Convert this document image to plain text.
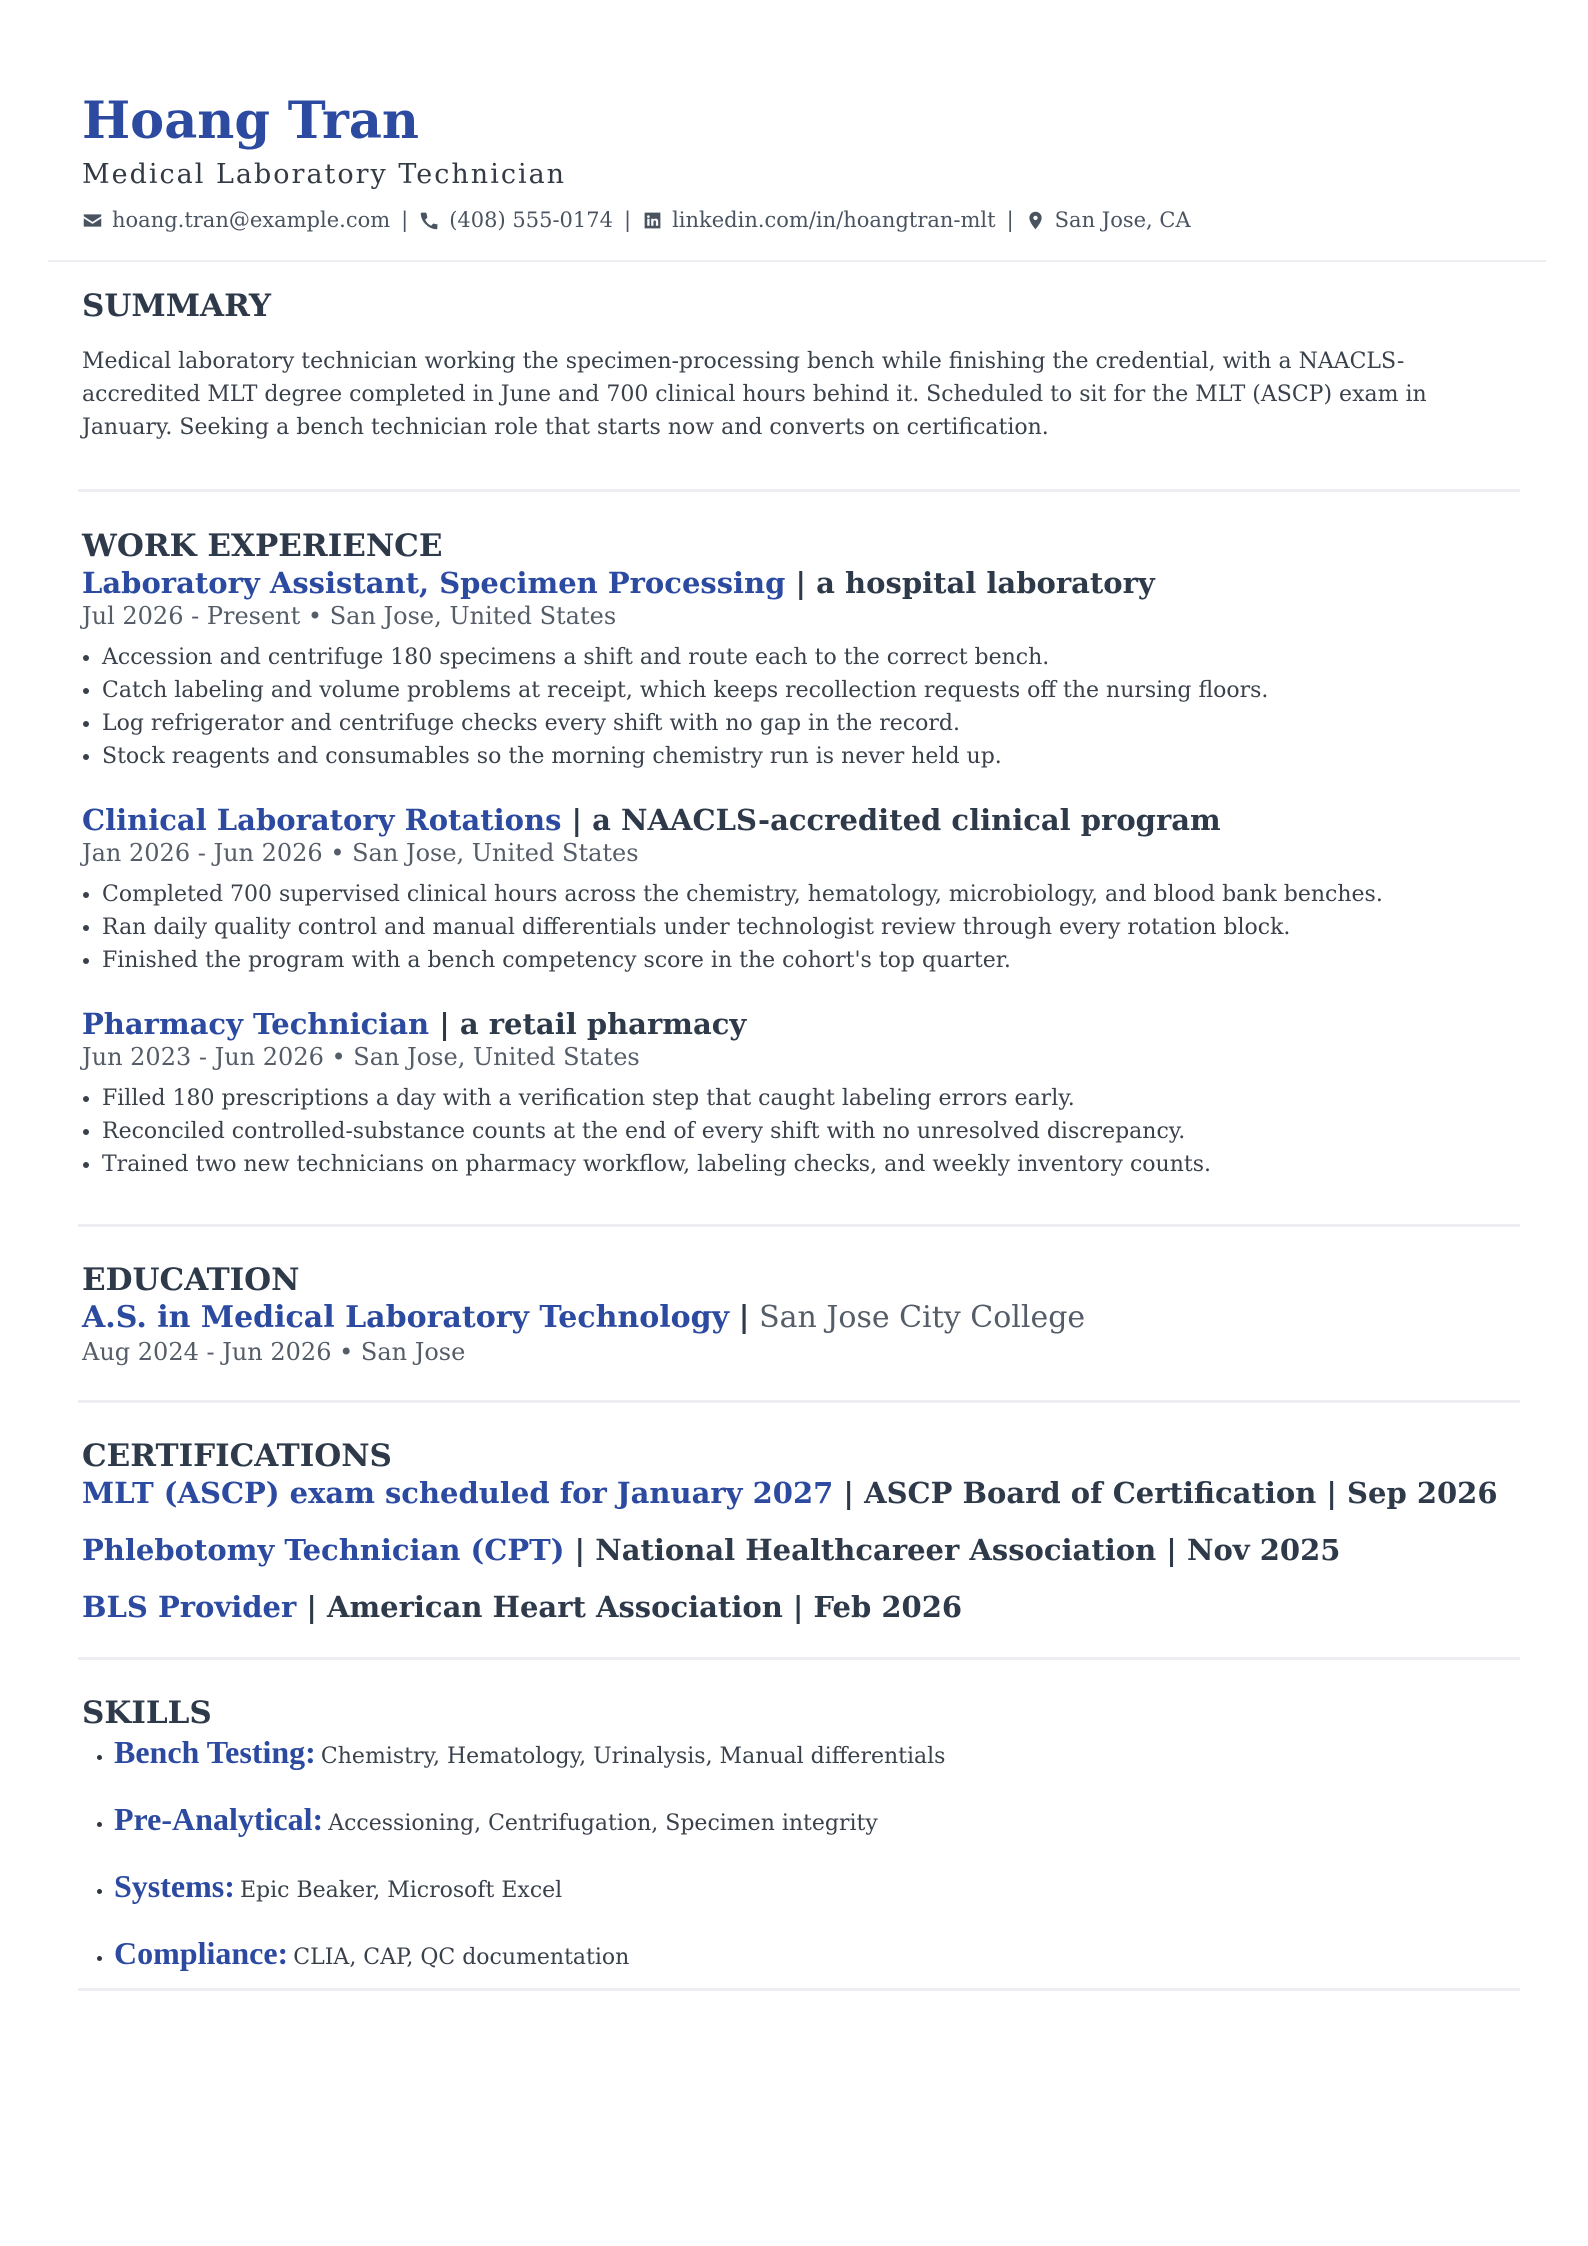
Hoang Tran
Medical Laboratory Technician
hoang.tran@example.com | (408) 555-0174 | linkedin.com/in/hoangtran-mlt | San Jose, CA
SUMMARY
Medical laboratory technician working the specimen-processing bench while finishing the credential, with a NAACLS-accredited MLT degree completed in June and 700 clinical hours behind it. Scheduled to sit for the MLT (ASCP) exam in January. Seeking a bench technician role that starts now and converts on certification.
WORK EXPERIENCE
Laboratory Assistant, Specimen Processing | a hospital laboratory
Jul 2026 - Present • San Jose, United States
• Accession and centrifuge 180 specimens a shift and route each to the correct bench.
• Catch labeling and volume problems at receipt, which keeps recollection requests off the nursing floors.
• Log refrigerator and centrifuge checks every shift with no gap in the record.
• Stock reagents and consumables so the morning chemistry run is never held up.
Clinical Laboratory Rotations | a NAACLS-accredited clinical program
Jan 2026 - Jun 2026 • San Jose, United States
• Completed 700 supervised clinical hours across the chemistry, hematology, microbiology, and blood bank benches.
• Ran daily quality control and manual differentials under technologist review through every rotation block.
• Finished the program with a bench competency score in the cohort's top quarter.
Pharmacy Technician | a retail pharmacy
Jun 2023 - Jun 2026 • San Jose, United States
• Filled 180 prescriptions a day with a verification step that caught labeling errors early.
• Reconciled controlled-substance counts at the end of every shift with no unresolved discrepancy.
• Trained two new technicians on pharmacy workflow, labeling checks, and weekly inventory counts.
EDUCATION
A.S. in Medical Laboratory Technology | San Jose City College
Aug 2024 - Jun 2026 • San Jose
CERTIFICATIONS
MLT (ASCP) exam scheduled for January 2027 | ASCP Board of Certification | Sep 2026
Phlebotomy Technician (CPT) | National Healthcareer Association | Nov 2025
BLS Provider | American Heart Association | Feb 2026
SKILLS
• Bench Testing: Chemistry, Hematology, Urinalysis, Manual differentials
• Pre-Analytical: Accessioning, Centrifugation, Specimen integrity
• Systems: Epic Beaker, Microsoft Excel
• Compliance: CLIA, CAP, QC documentation
